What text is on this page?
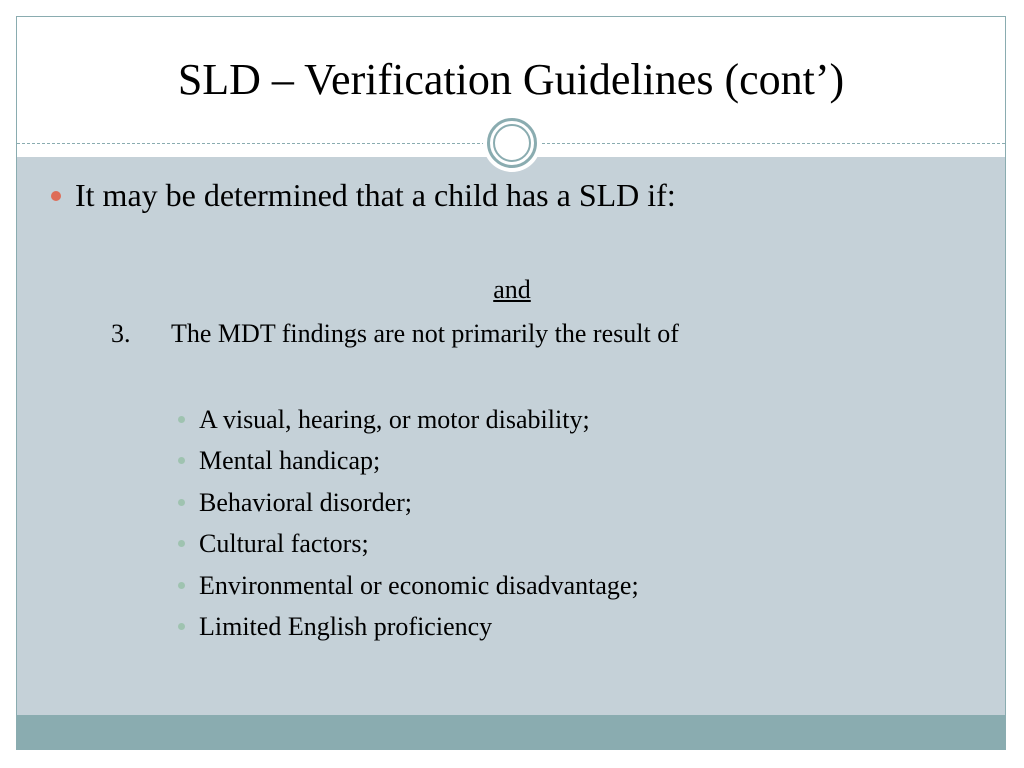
SLD – Verification Guidelines (cont’)
It may be determined that a child has a SLD if:
and
3. The MDT findings are not primarily the result of
A visual, hearing, or motor disability;
Mental handicap;
Behavioral disorder;
Cultural factors;
Environmental or economic disadvantage;
Limited English proficiency
